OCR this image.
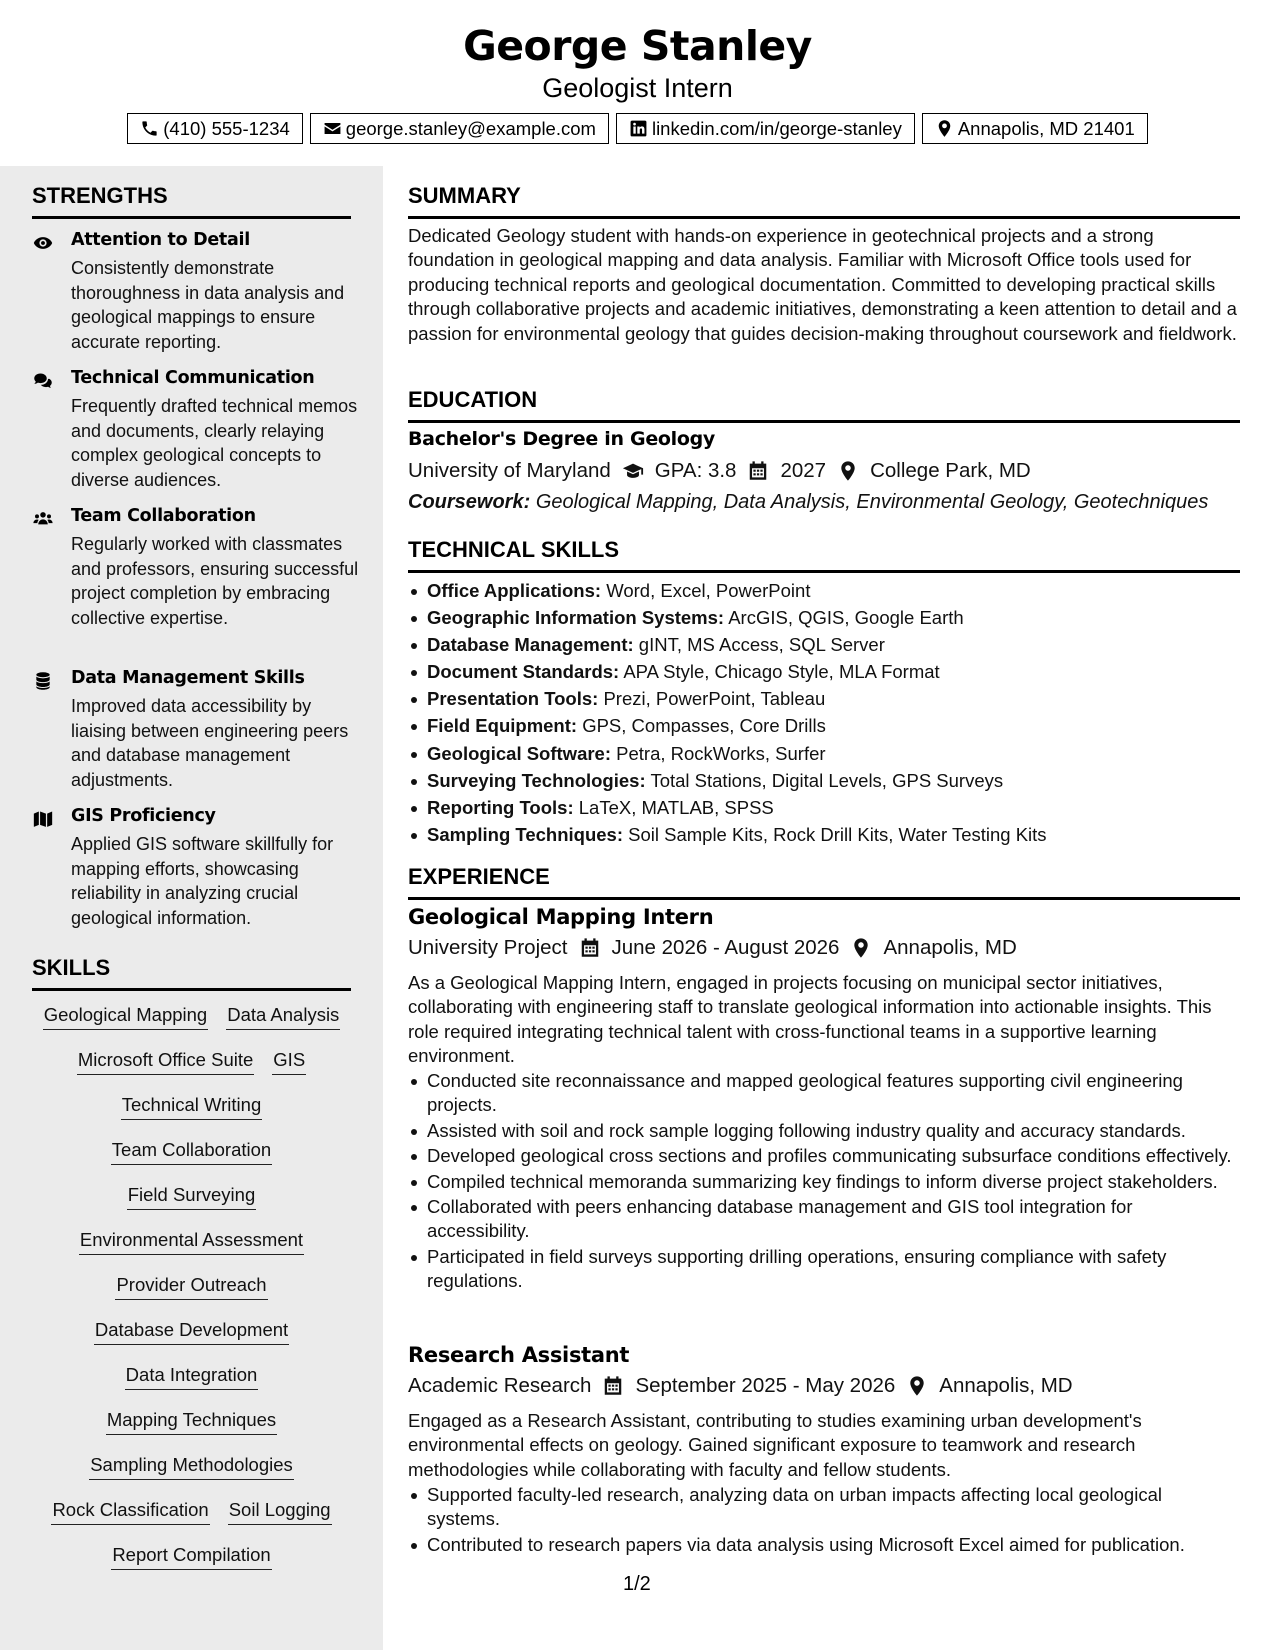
George Stanley
Geologist Intern
(410) 555-1234	george.stanley@example.com	linkedin.com/in/george-stanley	Annapolis, MD 21401
STRENGTHS
Attention to Detail
Consistently demonstrate thoroughness in data analysis and geological mappings to ensure accurate reporting.
Technical Communication
Frequently drafted technical memos and documents, clearly relaying complex geological concepts to diverse audiences.
Team Collaboration
Regularly worked with classmates and professors, ensuring successful project completion by embracing collective expertise.
Data Management Skills
Improved data accessibility by liaising between engineering peers and database management adjustments.
GIS Proficiency
Applied GIS software skillfully for mapping efforts, showcasing reliability in analyzing crucial geological information.
SKILLS
Geological Mapping Data Analysis
Microsoft Office Suite GIS
Technical Writing
Team Collaboration
Field Surveying
Environmental Assessment
Provider Outreach
Database Development
Data Integration
Mapping Techniques
Sampling Methodologies
Rock Classification Soil Logging
Report Compilation
SUMMARY
Dedicated Geology student with hands-on experience in geotechnical projects and a strong foundation in geological mapping and data analysis. Familiar with Microsoft Office tools used for producing technical reports and geological documentation. Committed to developing practical skills through collaborative projects and academic initiatives, demonstrating a keen attention to detail and a passion for environmental geology that guides decision-making throughout coursework and fieldwork.
EDUCATION
Bachelor's Degree in Geology
University of Maryland GPA: 3.8 2027 College Park, MD
Coursework: Geological Mapping, Data Analysis, Environmental Geology, Geotechniques
TECHNICAL SKILLS
Office Applications: Word, Excel, PowerPoint
Geographic Information Systems: ArcGIS, QGIS, Google Earth
Database Management: gINT, MS Access, SQL Server
Document Standards: APA Style, Chicago Style, MLA Format
Presentation Tools: Prezi, PowerPoint, Tableau
Field Equipment: GPS, Compasses, Core Drills
Geological Software: Petra, RockWorks, Surfer
Surveying Technologies: Total Stations, Digital Levels, GPS Surveys
Reporting Tools: LaTeX, MATLAB, SPSS
Sampling Techniques: Soil Sample Kits, Rock Drill Kits, Water Testing Kits
EXPERIENCE
Geological Mapping Intern
University Project June 2026 - August 2026 Annapolis, MD
As a Geological Mapping Intern, engaged in projects focusing on municipal sector initiatives, collaborating with engineering staff to translate geological information into actionable insights. This role required integrating technical talent with cross-functional teams in a supportive learning environment.
Conducted site reconnaissance and mapped geological features supporting civil engineering projects.
Assisted with soil and rock sample logging following industry quality and accuracy standards.
Developed geological cross sections and profiles communicating subsurface conditions effectively.
Compiled technical memoranda summarizing key findings to inform diverse project stakeholders.
Collaborated with peers enhancing database management and GIS tool integration for accessibility.
Participated in field surveys supporting drilling operations, ensuring compliance with safety regulations.
Research Assistant
Academic Research September 2025 - May 2026 Annapolis, MD
Engaged as a Research Assistant, contributing to studies examining urban development's environmental effects on geology. Gained significant exposure to teamwork and research methodologies while collaborating with faculty and fellow students.
Supported faculty-led research, analyzing data on urban impacts affecting local geological systems.
Contributed to research papers via data analysis using Microsoft Excel aimed for publication.
1/2
